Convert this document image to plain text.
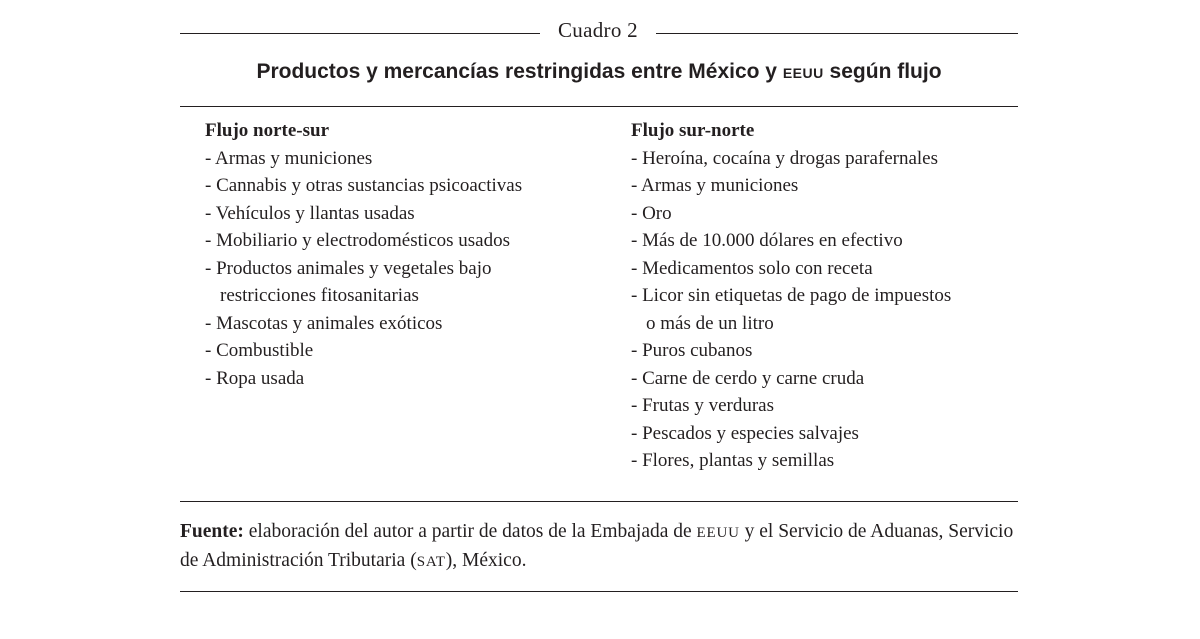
Cuadro 2
Productos y mercancías restringidas entre México y EEUU según flujo
Flujo norte-sur
- Armas y municiones
- Cannabis y otras sustancias psicoactivas
- Vehículos y llantas usadas
- Mobiliario y electrodomésticos usados
- Productos animales y vegetales bajo
restricciones fitosanitarias
- Mascotas y animales exóticos
- Combustible
- Ropa usada
Flujo sur-norte
- Heroína, cocaína y drogas parafernales
- Armas y municiones
- Oro
- Más de 10.000 dólares en efectivo
- Medicamentos solo con receta
- Licor sin etiquetas de pago de impuestos
o más de un litro
- Puros cubanos
- Carne de cerdo y carne cruda
- Frutas y verduras
- Pescados y especies salvajes
- Flores, plantas y semillas
Fuente: elaboración del autor a partir de datos de la Embajada de EEUU y el Servicio de Aduanas, Servicio de Administración Tributaria (SAT), México.
